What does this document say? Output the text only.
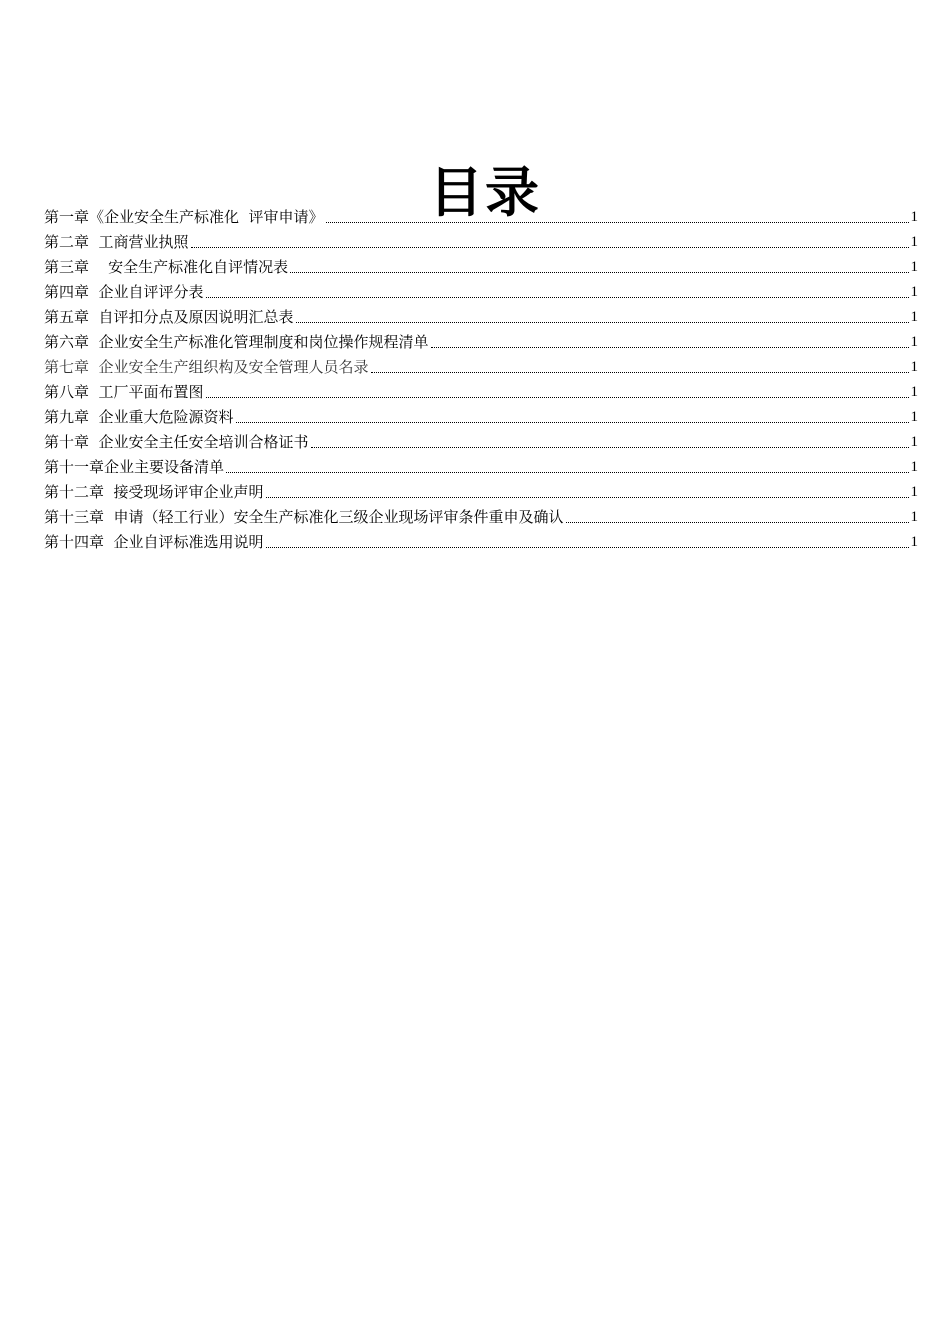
目录
第一章《企业安全生产标准化  评审申请》	1
第二章  工商营业执照	1
第三章    安全生产标准化自评情况表	1
第四章  企业自评评分表	1
第五章  自评扣分点及原因说明汇总表	1
第六章  企业安全生产标准化管理制度和岗位操作规程清单	1
第七章  企业安全生产组织构及安全管理人员名录	1
第八章  工厂平面布置图	1
第九章  企业重大危险源资料	1
第十章  企业安全主任安全培训合格证书	1
第十一章企业主要设备清单	1
第十二章  接受现场评审企业声明	1
第十三章  申请（轻工行业）安全生产标准化三级企业现场评审条件重申及确认	1
第十四章  企业自评标准选用说明	1
